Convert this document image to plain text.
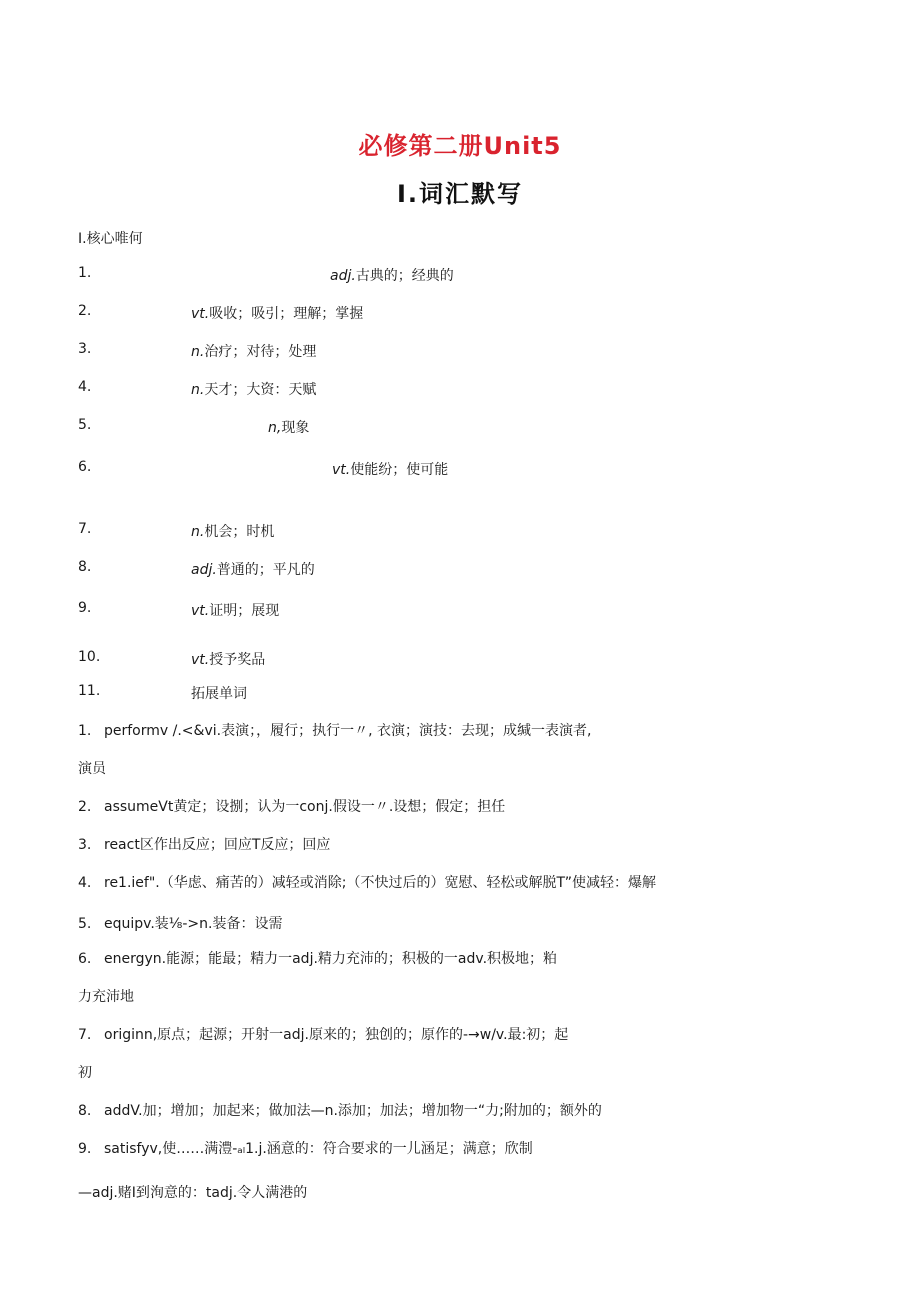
必修第二册Unit5
I.词汇默写
I.核心唯何
1.	adj.古典的；经典的
2.	vt.吸收；吸引；理解；掌握
3.	n.治疗；对待；处理
4.	n.天才；大资：天赋
5.	n,现象
6.	vt.使能纷；使可能
7.	n.机会；时机
8.	adj.普通的；平凡的
9.	vt.证明；展现
10.	vt.授予奖品
11.	拓展单词
1. performv /.<&vi.表演；，履行；执行一〃, 衣演；演技：去现；成缄一表演者,
演员
2. assumeVt黄定；设捌；认为一conj.假设一〃.设想；假定；担任
3. react区作出反应；回应T反应；回应
4. re1.ief".（华虑、痛苦的）减轻或消除;（不快过后的）宽慰、轻松或解脱T”使减轻：爆解
5. equipv.装⅛->n.装备：设需
6. energyn.能源；能最；精力一adj.精力充沛的；积极的一adv.积极地；粕
力充沛地
7. originn,原点；起源；开射一adj.原来的；独创的；原作的-→w/v.最:初；起
初
8. addV.加；增加；加起来；做加法—n.添加；加法；增加物一“力;附加的；额外的
9. satisfyv,使……满澧-ₐₗ1.j.涵意的：符合要求的一儿涵足；满意；欣制
—adj.赌I到洵意的：tadj.令人满港的
